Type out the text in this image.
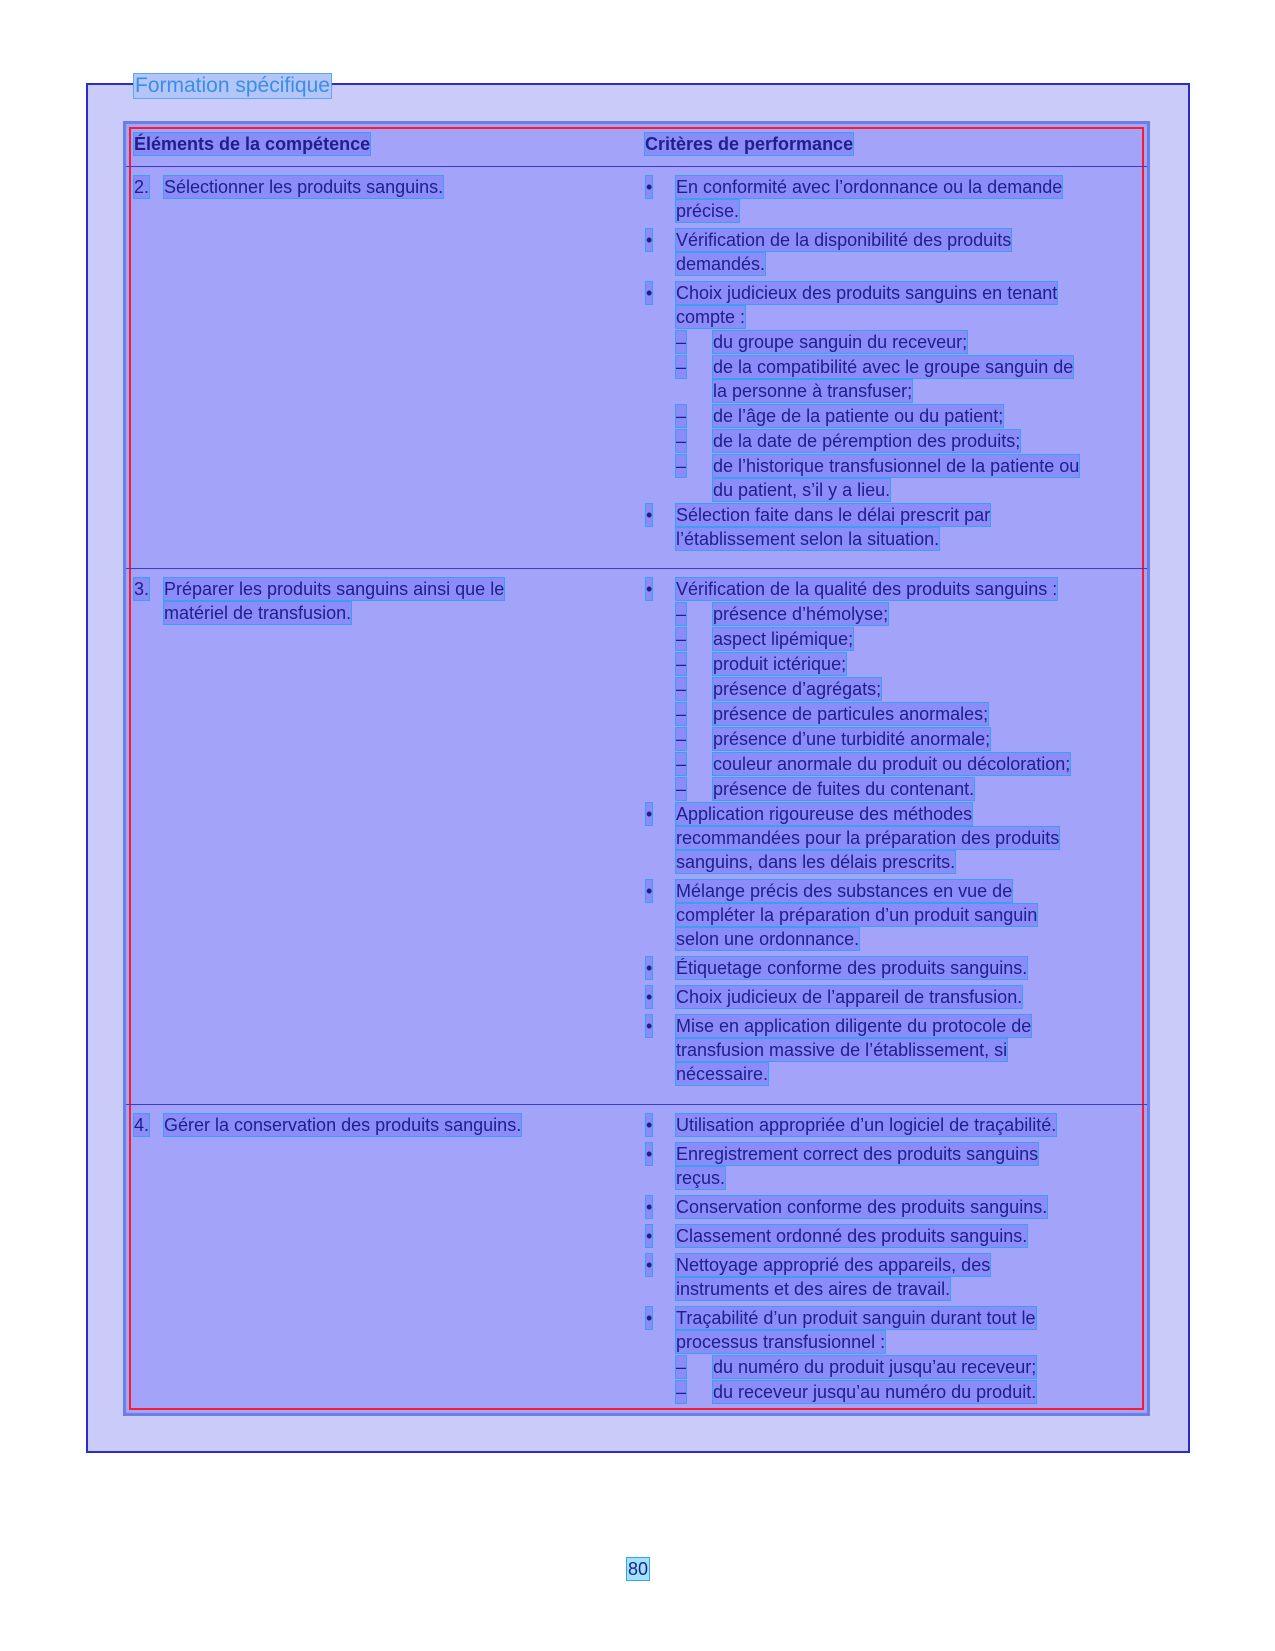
Formation spécifique
Éléments de la compétence	Critères de performance
2. Sélectionner les produits sanguins.	• En conformité avec l’ordonnance ou la demande
précise.
• Vérification de la disponibilité des produits
demandés.
• Choix judicieux des produits sanguins en tenant
compte :
– du groupe sanguin du receveur;
– de la compatibilité avec le groupe sanguin de
la personne à transfuser;
– de l’âge de la patiente ou du patient;
– de la date de péremption des produits;
– de l’historique transfusionnel de la patiente ou
du patient, s’il y a lieu.
• Sélection faite dans le délai prescrit par
l’établissement selon la situation.
3. Préparer les produits sanguins ainsi que le
matériel de transfusion.
• Vérification de la qualité des produits sanguins :
– présence d’hémolyse;
– aspect lipémique;
– produit ictérique;
– présence d’agrégats;
– présence de particules anormales;
– présence d’une turbidité anormale;
– couleur anormale du produit ou décoloration;
– présence de fuites du contenant.
• Application rigoureuse des méthodes
recommandées pour la préparation des produits
sanguins, dans les délais prescrits.
• Mélange précis des substances en vue de
compléter la préparation d’un produit sanguin
selon une ordonnance.
• Étiquetage conforme des produits sanguins.
• Choix judicieux de l’appareil de transfusion.
• Mise en application diligente du protocole de
transfusion massive de l’établissement, si
nécessaire.
4. Gérer la conservation des produits sanguins.	• Utilisation appropriée d’un logiciel de traçabilité.
• Enregistrement correct des produits sanguins
reçus.
• Conservation conforme des produits sanguins.
• Classement ordonné des produits sanguins.
• Nettoyage approprié des appareils, des
instruments et des aires de travail.
• Traçabilité d’un produit sanguin durant tout le
processus transfusionnel :
– du numéro du produit jusqu’au receveur;
– du receveur jusqu’au numéro du produit.
80
